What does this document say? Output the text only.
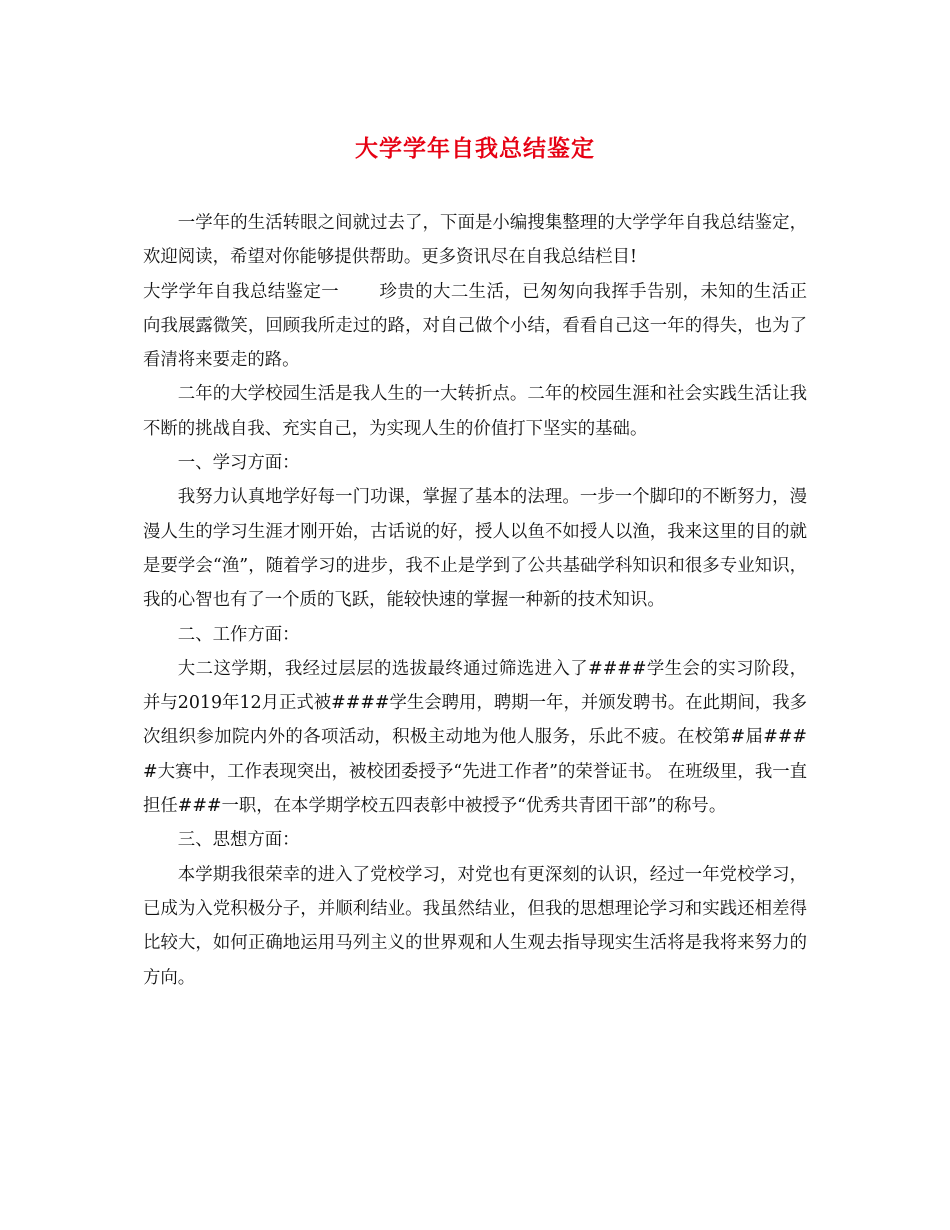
大学学年自我总结鉴定

一学年的生活转眼之间就过去了，下面是小编搜集整理的大学学年自我总结鉴定，欢迎阅读，希望对你能够提供帮助。更多资讯尽在自我总结栏目!

大学学年自我总结鉴定一 珍贵的大二生活，已匆匆向我挥手告别，未知的生活正向我展露微笑，回顾我所走过的路，对自己做个小结，看看自己这一年的得失，也为了看清将来要走的路。

二年的大学校园生活是我人生的一大转折点。二年的校园生涯和社会实践生活让我不断的挑战自我、充实自己，为实现人生的价值打下坚实的基础。

一、学习方面：

我努力认真地学好每一门功课，掌握了基本的法理。一步一个脚印的不断努力，漫漫人生的学习生涯才刚开始，古话说的好，授人以鱼不如授人以渔，我来这里的目的就是要学会“渔”，随着学习的进步，我不止是学到了公共基础学科知识和很多专业知识，我的心智也有了一个质的飞跃，能较快速的掌握一种新的技术知识。

二、工作方面：

大二这学期，我经过层层的选拔最终通过筛选进入了####学生会的实习阶段，并与2019年12月正式被####学生会聘用，聘期一年，并颁发聘书。在此期间，我多次组织参加院内外的各项活动，积极主动地为他人服务，乐此不疲。在校第#届####大赛中，工作表现突出，被校团委授予“先进工作者”的荣誉证书。 在班级里，我一直担任###一职，在本学期学校五四表彰中被授予“优秀共青团干部”的称号。

三、思想方面：

本学期我很荣幸的进入了党校学习，对党也有更深刻的认识，经过一年党校学习，已成为入党积极分子，并顺利结业。我虽然结业，但我的思想理论学习和实践还相差得比较大，如何正确地运用马列主义的世界观和人生观去指导现实生活将是我将来努力的方向。
